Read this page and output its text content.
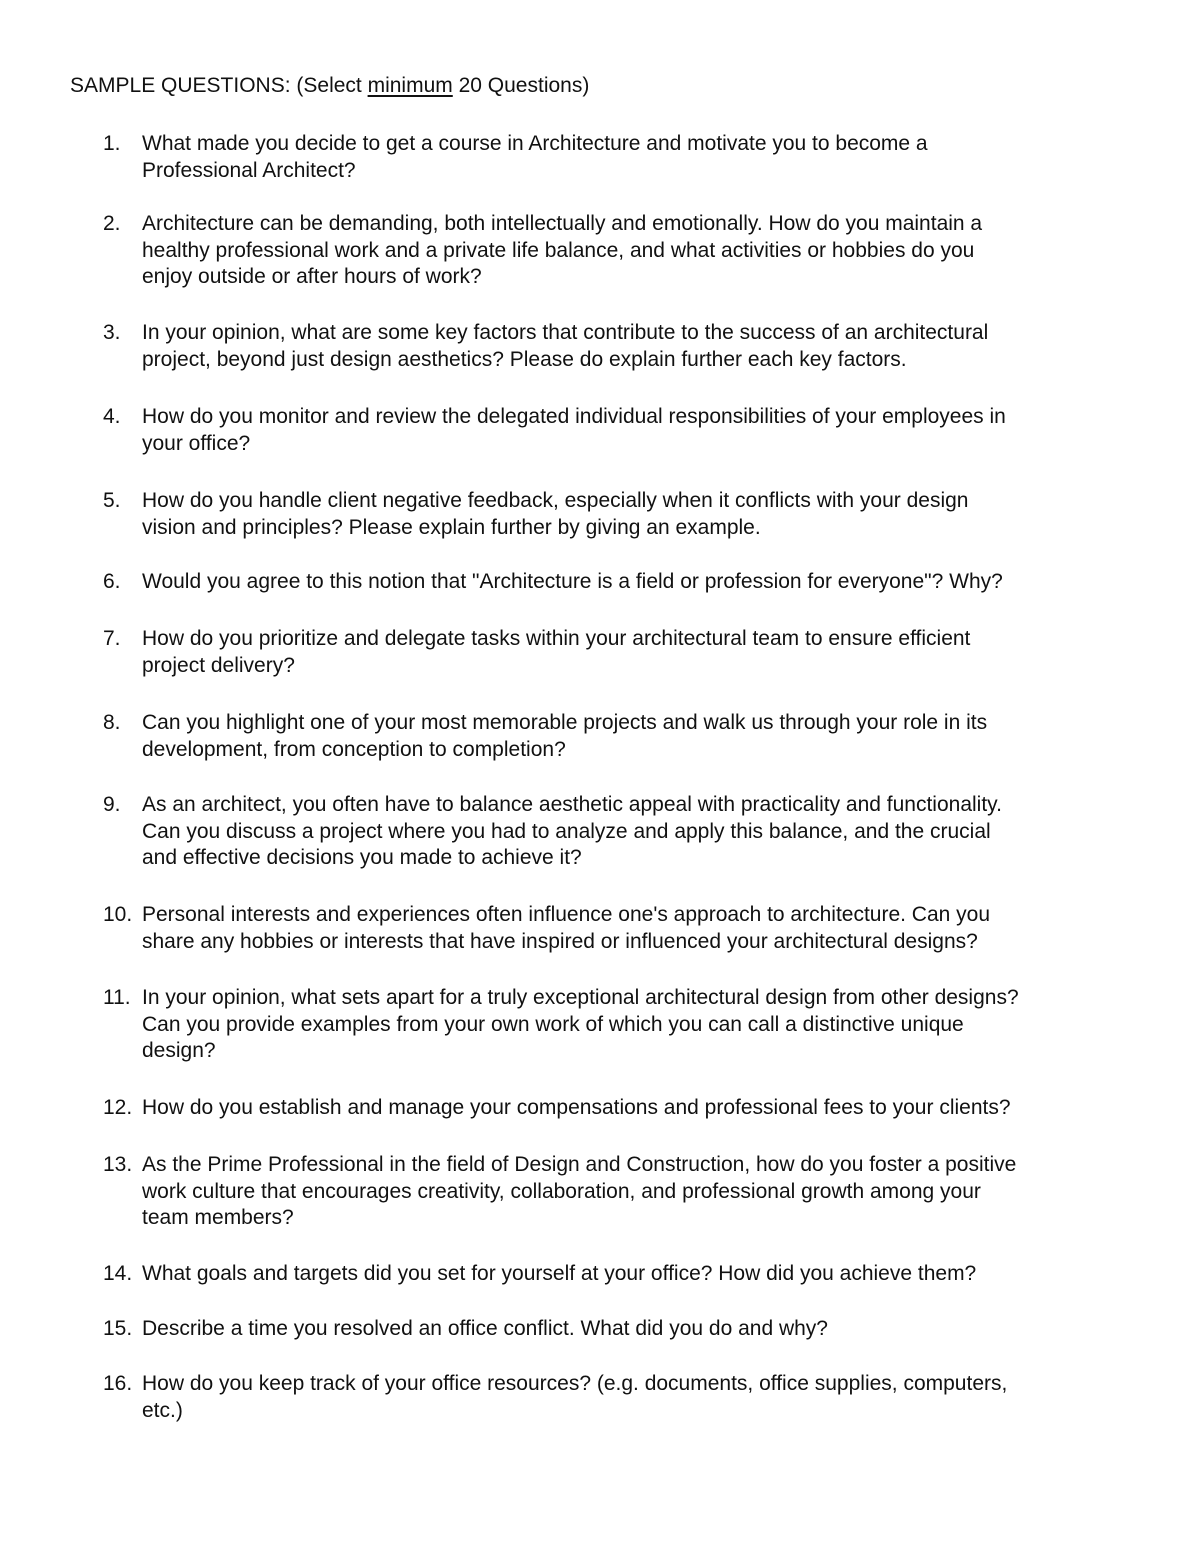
SAMPLE QUESTIONS: (Select minimum 20 Questions)
1. What made you decide to get a course in Architecture and motivate you to become a
Professional Architect?
2. Architecture can be demanding, both intellectually and emotionally. How do you maintain a
healthy professional work and a private life balance, and what activities or hobbies do you
enjoy outside or after hours of work?
3. In your opinion, what are some key factors that contribute to the success of an architectural
project, beyond just design aesthetics? Please do explain further each key factors.
4. How do you monitor and review the delegated individual responsibilities of your employees in
your office?
5. How do you handle client negative feedback, especially when it conflicts with your design
vision and principles? Please explain further by giving an example.
6. Would you agree to this notion that "Architecture is a field or profession for everyone"? Why?
7. How do you prioritize and delegate tasks within your architectural team to ensure efficient
project delivery?
8. Can you highlight one of your most memorable projects and walk us through your role in its
development, from conception to completion?
9. As an architect, you often have to balance aesthetic appeal with practicality and functionality.
Can you discuss a project where you had to analyze and apply this balance, and the crucial
and effective decisions you made to achieve it?
10. Personal interests and experiences often influence one's approach to architecture. Can you
share any hobbies or interests that have inspired or influenced your architectural designs?
11. In your opinion, what sets apart for a truly exceptional architectural design from other designs?
Can you provide examples from your own work of which you can call a distinctive unique
design?
12. How do you establish and manage your compensations and professional fees to your clients?
13. As the Prime Professional in the field of Design and Construction, how do you foster a positive
work culture that encourages creativity, collaboration, and professional growth among your
team members?
14. What goals and targets did you set for yourself at your office? How did you achieve them?
15. Describe a time you resolved an office conflict. What did you do and why?
16. How do you keep track of your office resources? (e.g. documents, office supplies, computers,
etc.)
